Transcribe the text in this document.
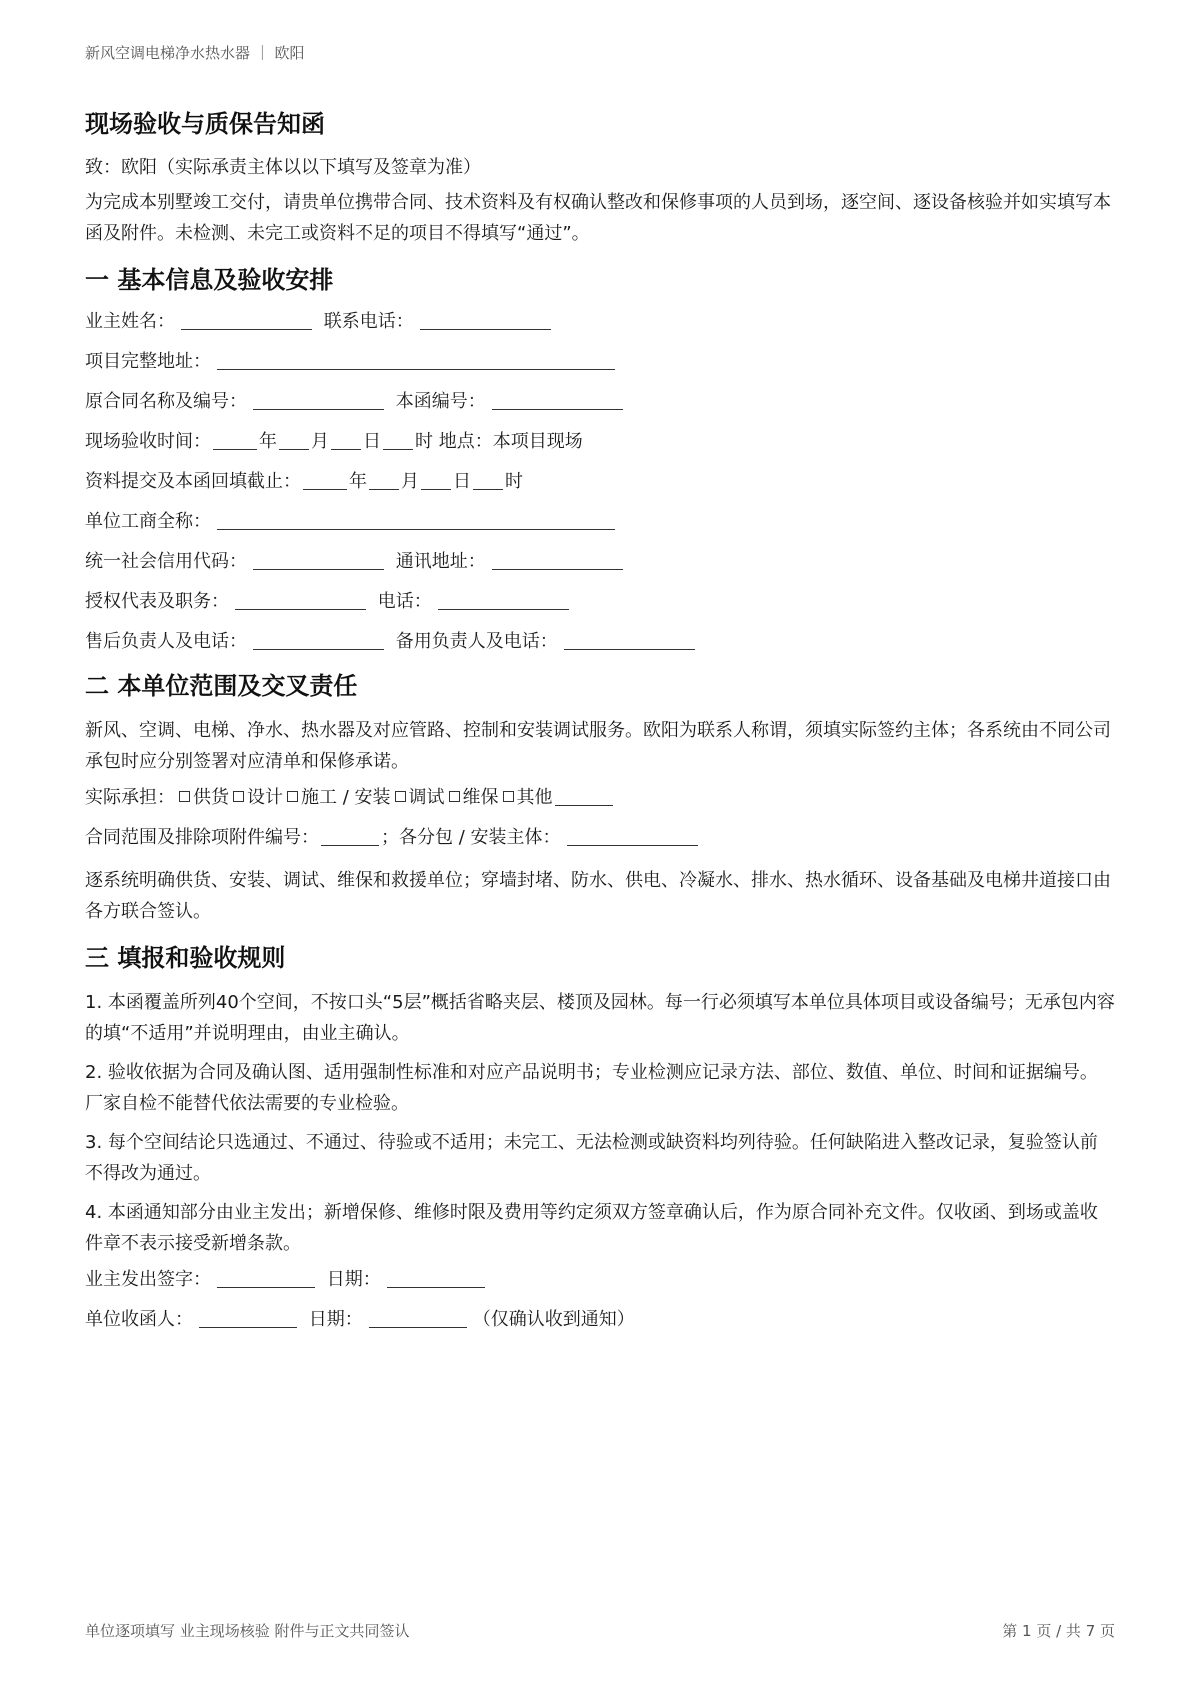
新风空调电梯净水热水器 ｜ 欧阳
现场验收与质保告知函
致：欧阳（实际承责主体以以下填写及签章为准）
为完成本别墅竣工交付，请贵单位携带合同、技术资料及有权确认整改和保修事项的人员到场，逐空间、逐设备核验并如实填写本函及附件。未检测、未完工或资料不足的项目不得填写“通过”。
一 基本信息及验收安排
业主姓名：	联系电话：
项目完整地址：
原合同名称及编号：	本函编号：
现场验收时间：	年 月 日 时 地点：本项目现场
资料提交及本函回填截止：	年 月 日 时
单位工商全称：
统一社会信用代码：	通讯地址：
授权代表及职务：	电话：
售后负责人及电话：	备用负责人及电话：
二 本单位范围及交叉责任
新风、空调、电梯、净水、热水器及对应管路、控制和安装调试服务。欧阳为联系人称谓，须填实际签约主体；各系统由不同公司承包时应分别签署对应清单和保修承诺。
实际承担： 供货 设计 施工 / 安装 调试 维保 其他
合同范围及排除项附件编号：	；各分包 / 安装主体：
逐系统明确供货、安装、调试、维保和救援单位；穿墙封堵、防水、供电、冷凝水、排水、热水循环、设备基础及电梯井道接口由各方联合签认。
三 填报和验收规则
1. 本函覆盖所列40个空间，不按口头“5层”概括省略夹层、楼顶及园林。每一行必须填写本单位具体项目或设备编号；无承包内容的填“不适用”并说明理由，由业主确认。
2. 验收依据为合同及确认图、适用强制性标准和对应产品说明书；专业检测应记录方法、部位、数值、单位、时间和证据编号。厂家自检不能替代依法需要的专业检验。
3. 每个空间结论只选通过、不通过、待验或不适用；未完工、无法检测或缺资料均列待验。任何缺陷进入整改记录，复验签认前不得改为通过。
4. 本函通知部分由业主发出；新增保修、维修时限及费用等约定须双方签章确认后，作为原合同补充文件。仅收函、到场或盖收件章不表示接受新增条款。
业主发出签字：	日期：
单位收函人：	日期：	（仅确认收到通知）
单位逐项填写 业主现场核验 附件与正文共同签认	第 1 页 / 共 7 页
